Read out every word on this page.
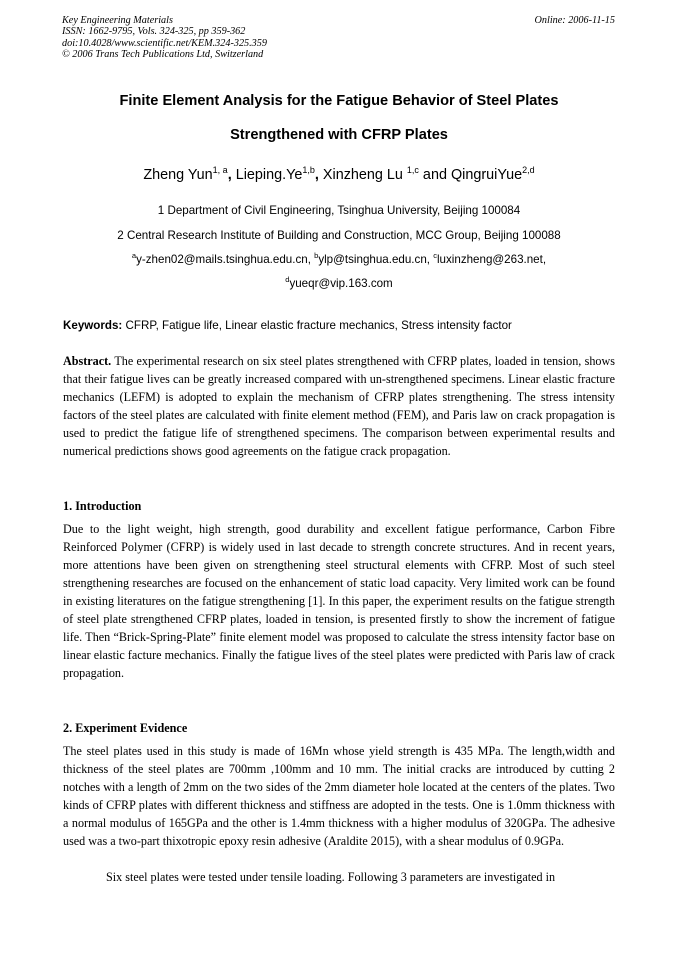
Key Engineering Materials
ISSN: 1662-9795, Vols. 324-325, pp 359-362
doi:10.4028/www.scientific.net/KEM.324-325.359
© 2006 Trans Tech Publications Ltd, Switzerland
Online: 2006-11-15
Finite Element Analysis for the Fatigue Behavior of Steel Plates
Strengthened with CFRP Plates
Zheng Yun$^{1, a}$, Lieping.Ye$^{1,b}$, Xinzheng Lu $^{1,c}$ and QingruiYue$^{2,d}$
1 Department of Civil Engineering, Tsinghua University, Beijing 100084
2 Central Research Institute of Building and Construction, MCC Group, Beijing 100088
$^a$y-zhen02@mails.tsinghua.edu.cn, $^b$ylp@tsinghua.edu.cn, $^c$luxinzheng@263.net,
$^d$yueqr@vip.163.com
Keywords: CFRP, Fatigue life, Linear elastic fracture mechanics, Stress intensity factor
Abstract. The experimental research on six steel plates strengthened with CFRP plates, loaded in tension, shows that their fatigue lives can be greatly increased compared with un-strengthened specimens. Linear elastic fracture mechanics (LEFM) is adopted to explain the mechanism of CFRP plates strengthening. The stress intensity factors of the steel plates are calculated with finite element method (FEM), and Paris law on crack propagation is used to predict the fatigue life of strengthened specimens. The comparison between experimental results and numerical predictions shows good agreements on the fatigue crack propagation.
1. Introduction
Due to the light weight, high strength, good durability and excellent fatigue performance, Carbon Fibre Reinforced Polymer (CFRP) is widely used in last decade to strength concrete structures. And in recent years, more attentions have been given on strengthening steel structural elements with CFRP. Most of such steel strengthening researches are focused on the enhancement of static load capacity. Very limited work can be found in existing literatures on the fatigue strengthening [1]. In this paper, the experiment results on the fatigue strength of steel plate strengthened CFRP plates, loaded in tension, is presented firstly to show the increment of fatigue life. Then “Brick-Spring-Plate” finite element model was proposed to calculate the stress intensity factor base on linear elastic facture mechanics. Finally the fatigue lives of the steel plates were predicted with Paris law of crack propagation.
2. Experiment Evidence
The steel plates used in this study is made of 16Mn whose yield strength is 435 MPa. The length,width and thickness of the steel plates are 700mm ,100mm and 10 mm. The initial cracks are introduced by cutting 2 notches with a length of 2mm on the two sides of the 2mm diameter hole located at the centers of the plates. Two kinds of CFRP plates with different thickness and stiffness are adopted in the tests. One is 1.0mm thickness with a normal modulus of 165GPa and the other is 1.4mm thickness with a higher modulus of 320GPa. The adhesive used was a two-part thixotropic epoxy resin adhesive (Araldite 2015), with a shear modulus of 0.9GPa.
Six steel plates were tested under tensile loading. Following 3 parameters are investigated in
